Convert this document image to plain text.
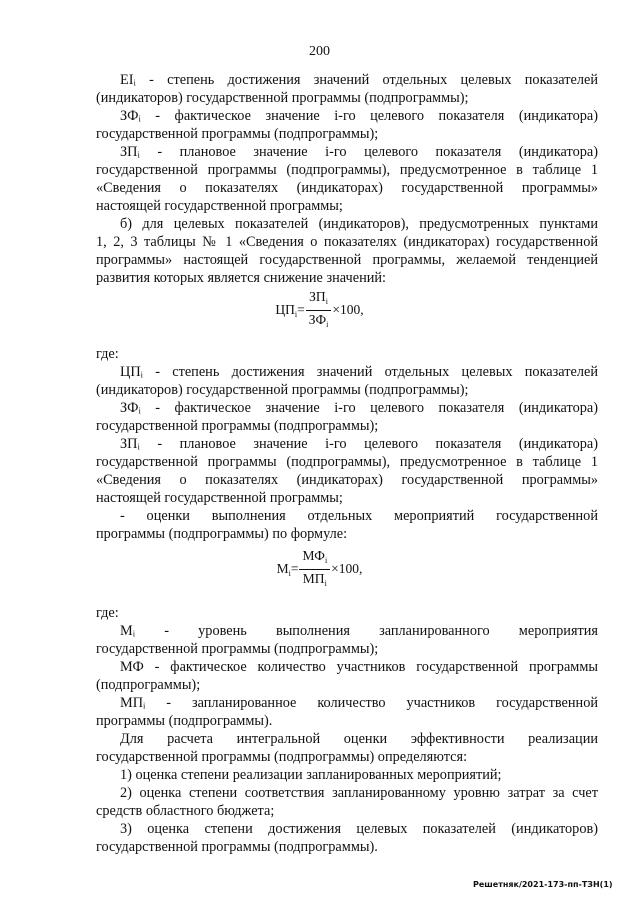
200
ЕІᵢ - степень достижения значений отдельных целевых показателей
(индикаторов) государственной программы (подпрограммы);
ЗФᵢ - фактическое значение і-го целевого показателя (индикатора)
государственной программы (подпрограммы);
ЗПᵢ - плановое значение і-го целевого показателя (индикатора)
государственной программы (подпрограммы), предусмотренное в таблице 1
«Сведения о показателях (индикаторах) государственной программы»
настоящей государственной программы;
б) для целевых показателей (индикаторов), предусмотренных пунктами
1, 2, 3 таблицы № 1 «Сведения о показателях (индикаторах) государственной
программы» настоящей государственной программы, желаемой тенденцией
развития которых является снижение значений:
$ЦП_i = \frac{ЗП_i}{ЗФ_i} \times 100$,
где:
ЦПᵢ - степень достижения значений отдельных целевых показателей
(индикаторов) государственной программы (подпрограммы);
ЗФᵢ - фактическое значение і-го целевого показателя (индикатора)
государственной программы (подпрограммы);
ЗПᵢ - плановое значение і-го целевого показателя (индикатора)
государственной программы (подпрограммы), предусмотренное в таблице 1
«Сведения о показателях (индикаторах) государственной программы»
настоящей государственной программы;
- оценки выполнения отдельных мероприятий государственной
программы (подпрограммы) по формуле:
$М_i = \frac{МФ_i}{МП_i} \times 100$,
где:
Мᵢ - уровень выполнения запланированного мероприятия
государственной программы (подпрограммы);
МФ - фактическое количество участников государственной программы
(подпрограммы);
МПᵢ - запланированное количество участников государственной
программы (подпрограммы).
Для расчета интегральной оценки эффективности реализации
государственной программы (подпрограммы) определяются:
1) оценка степени реализации запланированных мероприятий;
2) оценка степени соответствия запланированному уровню затрат за счет
средств областного бюджета;
3) оценка степени достижения целевых показателей (индикаторов)
государственной программы (подпрограммы).
Решетняк/2021-173-пп-ТЗН(1)
